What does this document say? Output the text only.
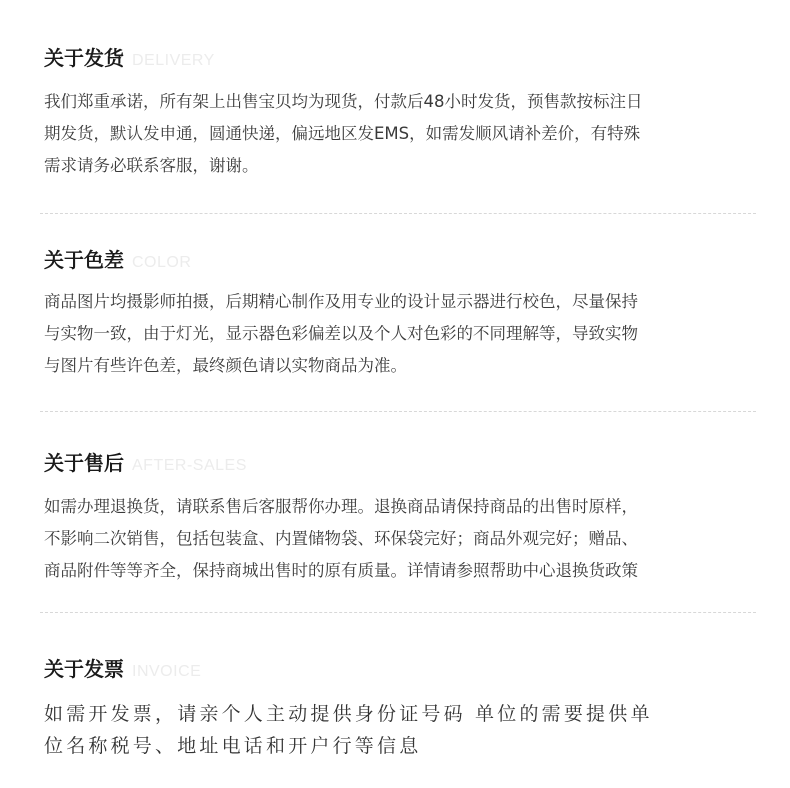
关于发货 DELIVERY

我们郑重承诺，所有架上出售宝贝均为现货，付款后48小时发货，预售款按标注日
期发货，默认发申通，圆通快递，偏远地区发EMS，如需发顺风请补差价，有特殊
需求请务必联系客服，谢谢。

关于色差 COLOR

商品图片均摄影师拍摄，后期精心制作及用专业的设计显示器进行校色，尽量保持
与实物一致，由于灯光，显示器色彩偏差以及个人对色彩的不同理解等，导致实物
与图片有些许色差，最终颜色请以实物商品为准。

关于售后 AFTER-SALES

如需办理退换货，请联系售后客服帮你办理。退换商品请保持商品的出售时原样，
不影响二次销售，包括包装盒、内置储物袋、环保袋完好；商品外观完好；赠品、
商品附件等等齐全，保持商城出售时的原有质量。详情请参照帮助中心退换货政策

关于发票 INVOICE

如需开发票，请亲个人主动提供身份证号码 单位的需要提供单
位名称税号、地址电话和开户行等信息
